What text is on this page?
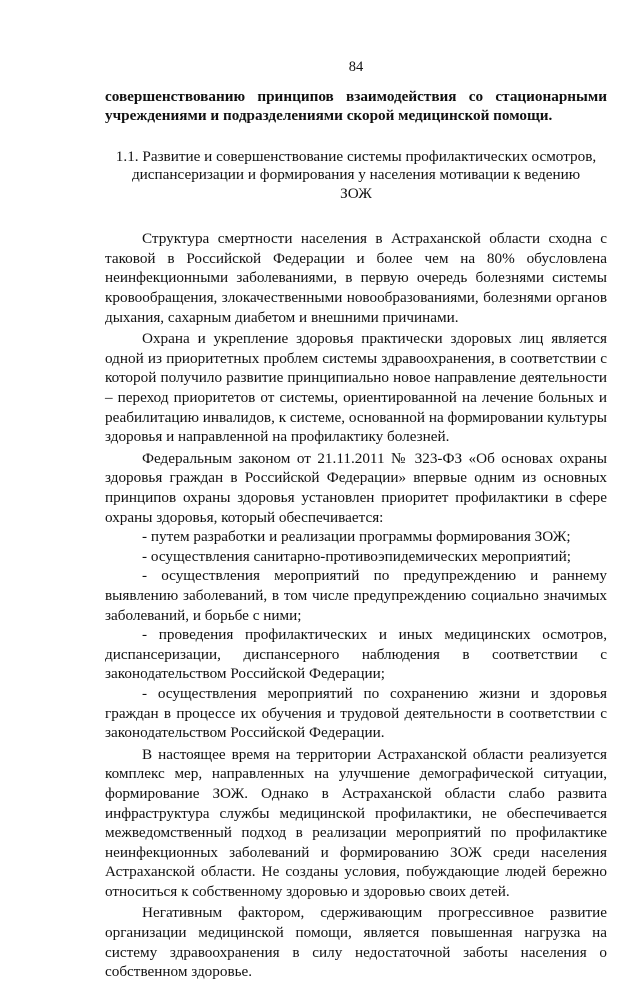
84

совершенствованию принципов взаимодействия со стационарными учреждениями и подразделениями скорой медицинской помощи.

1.1. Развитие и совершенствование системы профилактических осмотров, диспансеризации и формирования у населения мотивации к ведению ЗОЖ

Структура смертности населения в Астраханской области сходна с таковой в Российской Федерации и более чем на 80% обусловлена неинфекционными заболеваниями, в первую очередь болезнями системы кровообращения, злокачественными новообразованиями, болезнями органов дыхания, сахарным диабетом и внешними причинами.

Охрана и укрепление здоровья практически здоровых лиц является одной из приоритетных проблем системы здравоохранения, в соответствии с которой получило развитие принципиально новое направление деятельности – переход приоритетов от системы, ориентированной на лечение больных и реабилитацию инвалидов, к системе, основанной на формировании культуры здоровья и направленной на профилактику болезней.

Федеральным законом от 21.11.2011 № 323-ФЗ «Об основах охраны здоровья граждан в Российской Федерации» впервые одним из основных принципов охраны здоровья установлен приоритет профилактики в сфере охраны здоровья, который обеспечивается:

- путем разработки и реализации программы формирования ЗОЖ;

- осуществления санитарно-противоэпидемических мероприятий;

- осуществления мероприятий по предупреждению и раннему выявлению заболеваний, в том числе предупреждению социально значимых заболеваний, и борьбе с ними;

- проведения профилактических и иных медицинских осмотров, диспансеризации, диспансерного наблюдения в соответствии с законодательством Российской Федерации;

- осуществления мероприятий по сохранению жизни и здоровья граждан в процессе их обучения и трудовой деятельности в соответствии с законодательством Российской Федерации.

В настоящее время на территории Астраханской области реализуется комплекс мер, направленных на улучшение демографической ситуации, формирование ЗОЖ. Однако в Астраханской области слабо развита инфраструктура службы медицинской профилактики, не обеспечивается межведомственный подход в реализации мероприятий по профилактике неинфекционных заболеваний и формированию ЗОЖ среди населения Астраханской области. Не созданы условия, побуждающие людей бережно относиться к собственному здоровью и здоровью своих детей.

Негативным фактором, сдерживающим прогрессивное развитие организации медицинской помощи, является повышенная нагрузка на систему здравоохранения в силу недостаточной заботы населения о собственном здоровье.
